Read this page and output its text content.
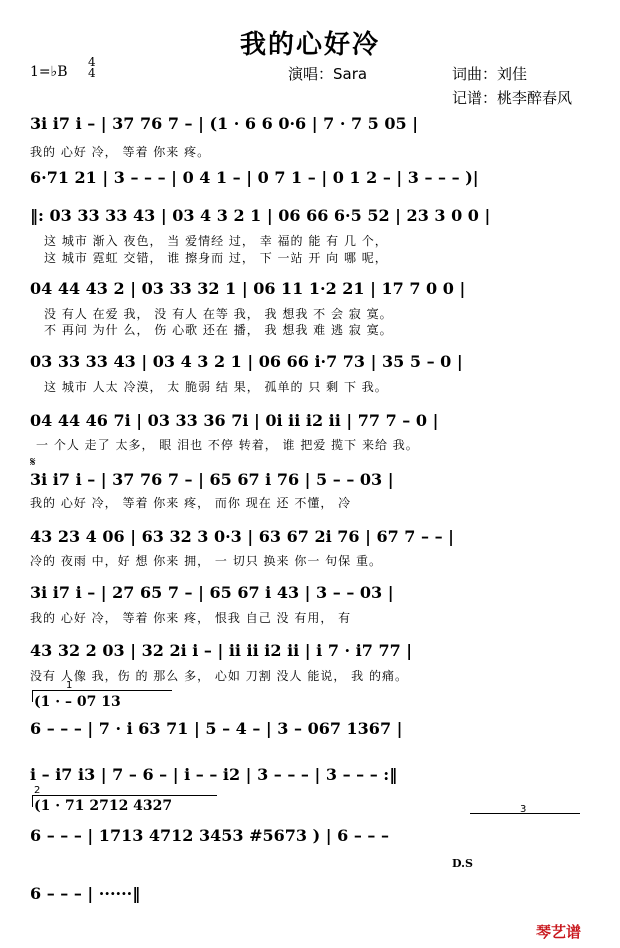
我的心好冷
1=♭B
4
4	演唱：Sara	词曲：刘佳
记谱：桃李醉春风
3i i7 i – | 37 76 7 – | (1 · 6 6 0·6 | 7 · 7 5 05 |
我的 心好 冷， 等着 你来 疼。
6·71 21 | 3 – – – | 0 4 1 – | 0 7 1 – | 0 1 2 – | 3 – – – )|
‖: 03 33 33 43 | 03 4 3 2 1 | 06 66 6·5 52 | 23 3 0 0 |
这 城市 渐入 夜色， 当 爱情经 过， 幸 福的 能 有 几 个，
这 城市 霓虹 交错， 谁 擦身而 过， 下 一站 开 向 哪 呢，
04 44 43 2 | 03 33 32 1 | 06 11 1·2 21 | 17 7 0 0 |
没 有人 在爱 我， 没 有人 在等 我， 我 想我 不 会 寂 寞。
不 再问 为什 么， 伤 心歌 还在 播， 我 想我 难 逃 寂 寞。
03 33 33 43 | 03 4 3 2 1 | 06 66 i·7 73 | 35 5 – 0 |
这 城市 人太 冷漠， 太 脆弱 结 果， 孤单的 只 剩 下 我。
04 44 46 7i | 03 33 36 7i | 0i ii i2 ii | 77 7 – 0 |
一 个人 走了 太多， 眼 泪也 不停 转着， 谁 把爱 揽下 来给 我。
𝄋
3i i7 i – | 37 76 7 – | 65 67 i 76 | 5 – – 03 |
我的 心好 冷， 等着 你来 疼， 而你 现在 还 不懂， 冷
43 23 4 06 | 63 32 3 0·3 | 63 67 2i 76 | 67 7 – – |
冷的 夜雨 中，好 想 你来 拥， 一 切只 换来 你一 句保 重。
3i i7 i – | 27 65 7 – | 65 67 i 43 | 3 – – 03 |
我的 心好 冷， 等着 你来 疼， 恨我 自己 没 有用， 有
43 32 2 03 | 32 2i i – | ii ii i2 ii | i 7 · i7 77 |
没有 人像 我，伤 的 那么 多， 心如 刀割 没人 能说， 我 的痛。
1
(1 · – 07 13
6 – – – | 7 · i 63 71 | 5 – 4 – | 3 – 067 1367 |
i – i7 i3 | 7 – 6 – | i – – i2 | 3 – – – | 3 – – – :‖
2
(1 · 71 2712 4327	3
6 – – – | 1713 4712 3453 #5673 ) | 6 – – –
D.S
6 – – – | ······‖
琴艺谱
